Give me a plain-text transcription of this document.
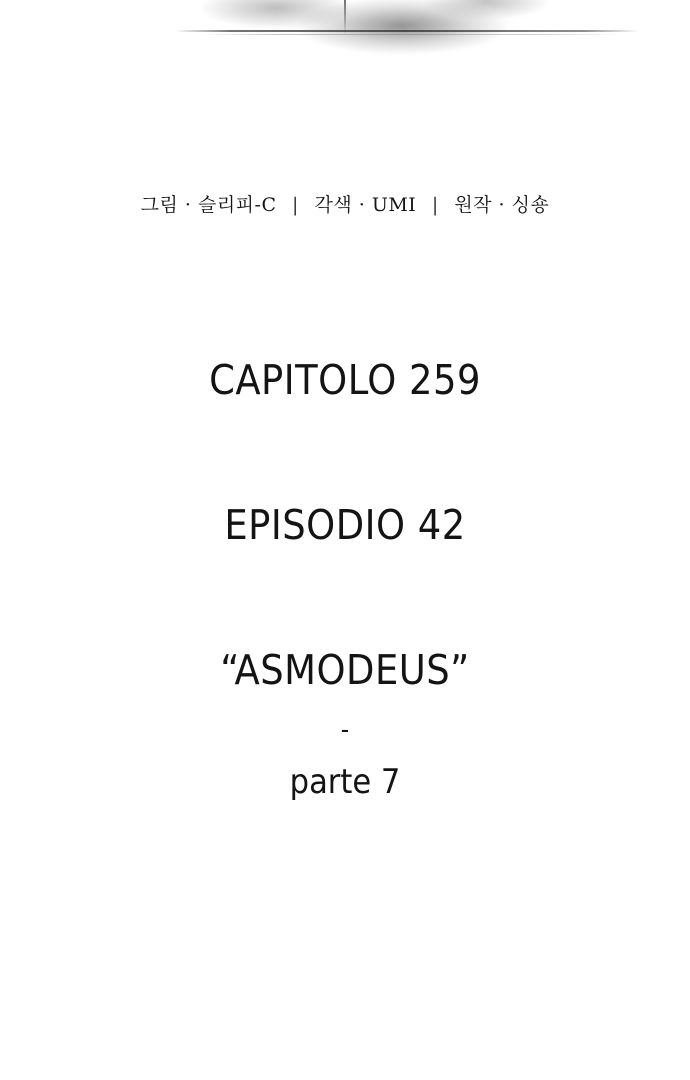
그림 · 슬리피-C | 각색 · UMI | 원작 · 싱숑
CAPITOLO 259
EPISODIO 42
“ASMODEUS”
-
parte 7
